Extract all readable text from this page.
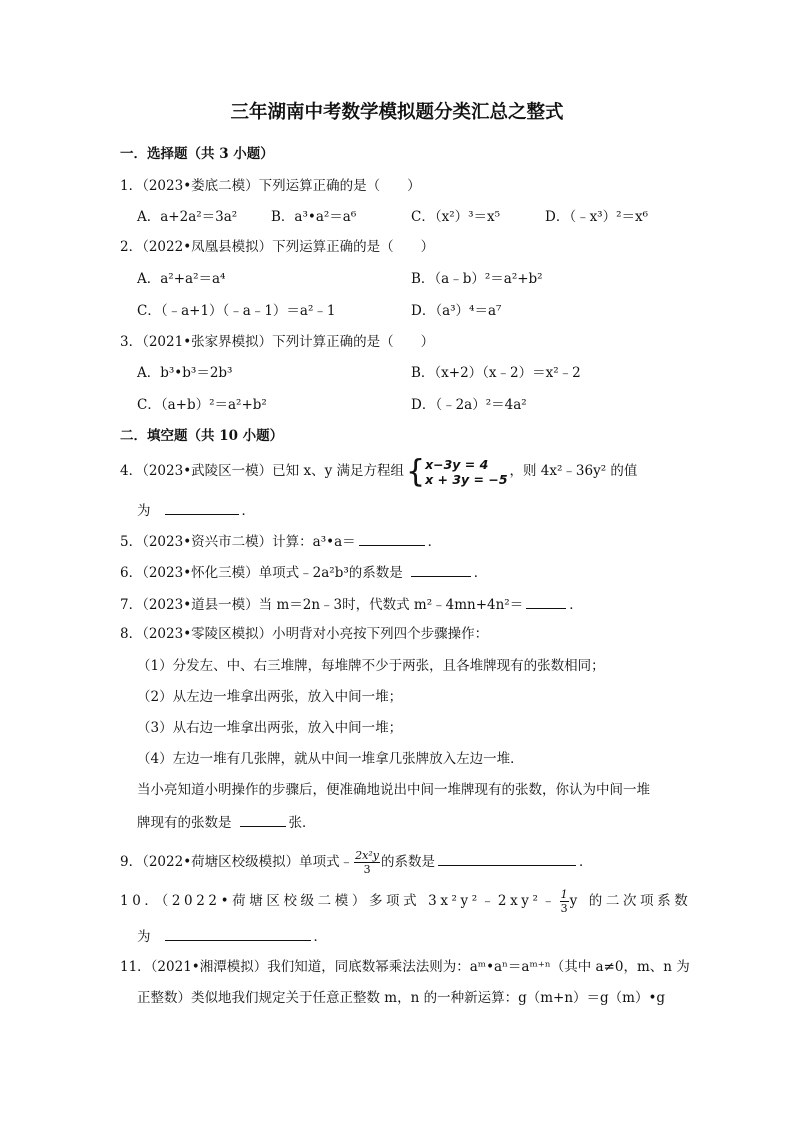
三年湖南中考数学模拟题分类汇总之整式
一．选择题（共 3 小题）
1．（2023•娄底二模）下列运算正确的是（　　）
A．a+2a²＝3a²	B．a³•a²＝a⁶	C．（x²）³＝x⁵	D．（﹣x³）²＝x⁶
2．（2022•凤凰县模拟）下列运算正确的是（　　）
A．a²+a²＝a⁴	B．（a﹣b）²＝a²+b²
C．（﹣a+1）（﹣a﹣1）＝a²﹣1	D．（a³）⁴＝a⁷
3．（2021•张家界模拟）下列计算正确的是（　　）
A．b³•b³＝2b³	B．（x+2）（x﹣2）＝x²﹣2
C．（a+b）²＝a²+b²	D．（﹣2a）²＝4a²
二．填空题（共 10 小题）
4．（2023•武陵区一模）已知 x、y 满足方程组 { x−3y = 4
x + 3y = −5 ，则 4x²﹣36y² 的值
为	．
5．（2023•资兴市二模）计算：a³•a＝	．
6．（2023•怀化三模）单项式﹣2a²b³的系数是	．
7．（2023•道县一模）当 m＝2n﹣3时，代数式 m²﹣4mn+4n²＝	．
8．（2023•零陵区模拟）小明背对小亮按下列四个步骤操作：
（1）分发左、中、右三堆牌，每堆牌不少于两张，且各堆牌现有的张数相同；
（2）从左边一堆拿出两张，放入中间一堆；
（3）从右边一堆拿出两张，放入中间一堆；
（4）左边一堆有几张牌，就从中间一堆拿几张牌放入左边一堆．
当小亮知道小明操作的步骤后，便准确地说出中间一堆牌现有的张数，你认为中间一堆
牌现有的张数是	张．
9．（2022•荷塘区校级模拟）单项式﹣ $\frac{\text{2x²y}}{3}$ 的系数是	．
10．（2022•荷塘区校级二模）多项式 3x²y²﹣2xy²﹣ $\frac{1}{3}$ y 的二次项系数
为	．
11．（2021•湘潭模拟）我们知道，同底数幂乘法法则为：aᵐ•aⁿ＝aᵐ⁺ⁿ（其中 a≠0，m、n 为
正整数）类似地我们规定关于任意正整数 m，n 的一种新运算：g（m+n）＝g（m）•g
